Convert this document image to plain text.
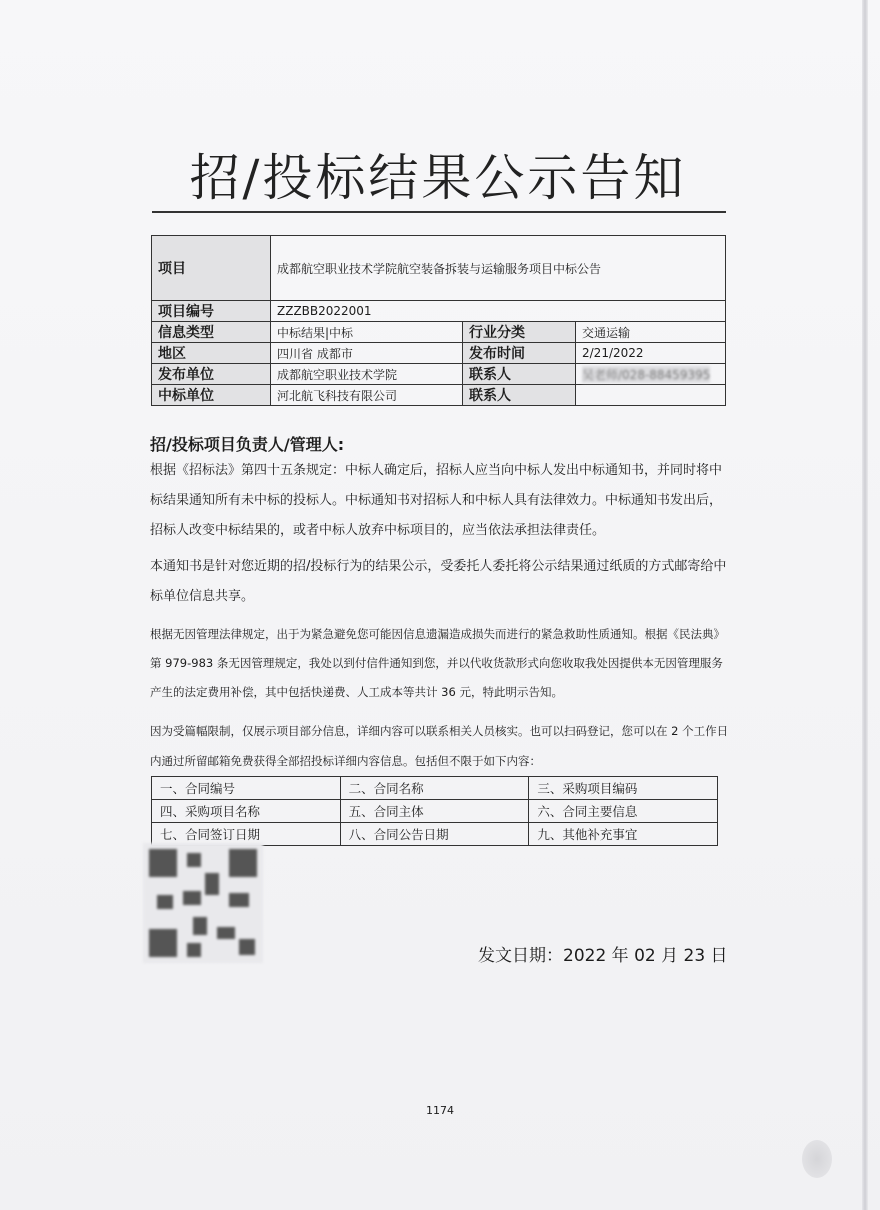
招/投标结果公示告知
项目	成都航空职业技术学院航空装备拆装与运输服务项目中标公告		
项目编号	ZZZBB2022001		
信息类型	中标结果|中标	行业分类	交通运输
地区	四川省 成都市	发布时间	2/21/2022
发布单位	成都航空职业技术学院	联系人	吴老师/028-88459395
中标单位	河北航飞科技有限公司	联系人	
招/投标项目负责人/管理人:
根据《招标法》第四十五条规定：中标人确定后，招标人应当向中标人发出中标通知书，并同时将中标结果通知所有未中标的投标人。中标通知书对招标人和中标人具有法律效力。中标通知书发出后，招标人改变中标结果的，或者中标人放弃中标项目的，应当依法承担法律责任。
本通知书是针对您近期的招/投标行为的结果公示，受委托人委托将公示结果通过纸质的方式邮寄给中标单位信息共享。
根据无因管理法律规定，出于为紧急避免您可能因信息遗漏造成损失而进行的紧急救助性质通知。根据《民法典》第 979-983 条无因管理规定，我处以到付信件通知到您，并以代收货款形式向您收取我处因提供本无因管理服务产生的法定费用补偿，其中包括快递费、人工成本等共计 36 元，特此明示告知。
因为受篇幅限制，仅展示项目部分信息，详细内容可以联系相关人员核实。也可以扫码登记，您可以在 2 个工作日内通过所留邮箱免费获得全部招投标详细内容信息。包括但不限于如下内容：
一、合同编号	二、合同名称	三、采购项目编码
四、采购项目名称	五、合同主体	六、合同主要信息
七、合同签订日期	八、合同公告日期	九、其他补充事宜
发文日期：2022 年 02 月 23 日
1174
